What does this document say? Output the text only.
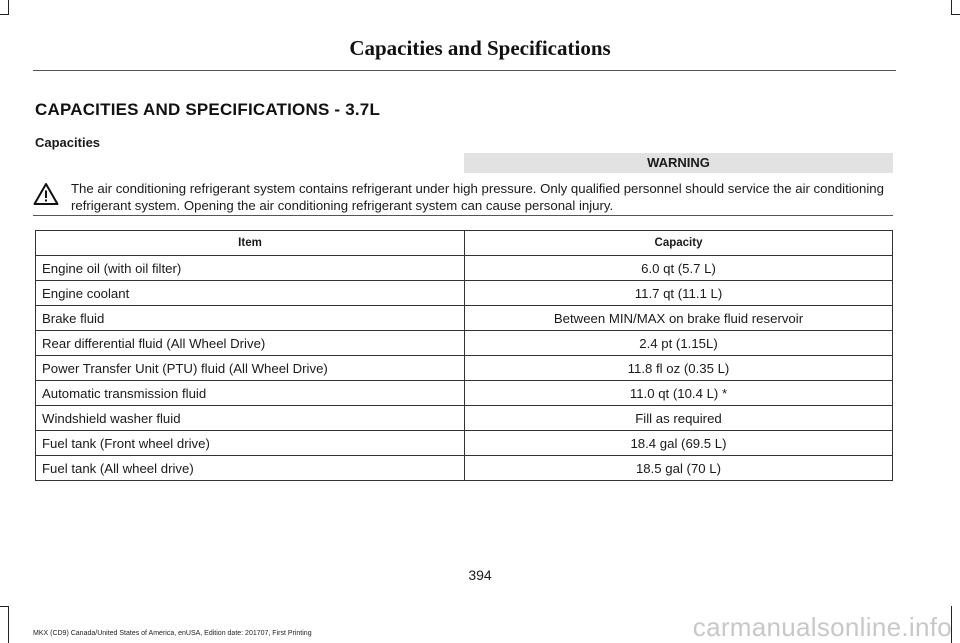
Capacities and Specifications
CAPACITIES AND SPECIFICATIONS - 3.7L
Capacities
WARNING
The air conditioning refrigerant system contains refrigerant under high pressure. Only qualified personnel should service the air conditioning refrigerant system. Opening the air conditioning refrigerant system can cause personal injury.
Item	Capacity
Engine oil (with oil filter)	6.0 qt (5.7 L)
Engine coolant	11.7 qt (11.1 L)
Brake fluid	Between MIN/MAX on brake fluid reservoir
Rear differential fluid (All Wheel Drive)	2.4 pt (1.15L)
Power Transfer Unit (PTU) fluid (All Wheel Drive)	11.8 fl oz (0.35 L)
Automatic transmission fluid	11.0 qt (10.4 L) *
Windshield washer fluid	Fill as required
Fuel tank (Front wheel drive)	18.4 gal (69.5 L)
Fuel tank (All wheel drive)	18.5 gal (70 L)
394
MKX (CD9) Canada/United States of America, enUSA, Edition date: 201707, First Printing	carmanualsonline.info
